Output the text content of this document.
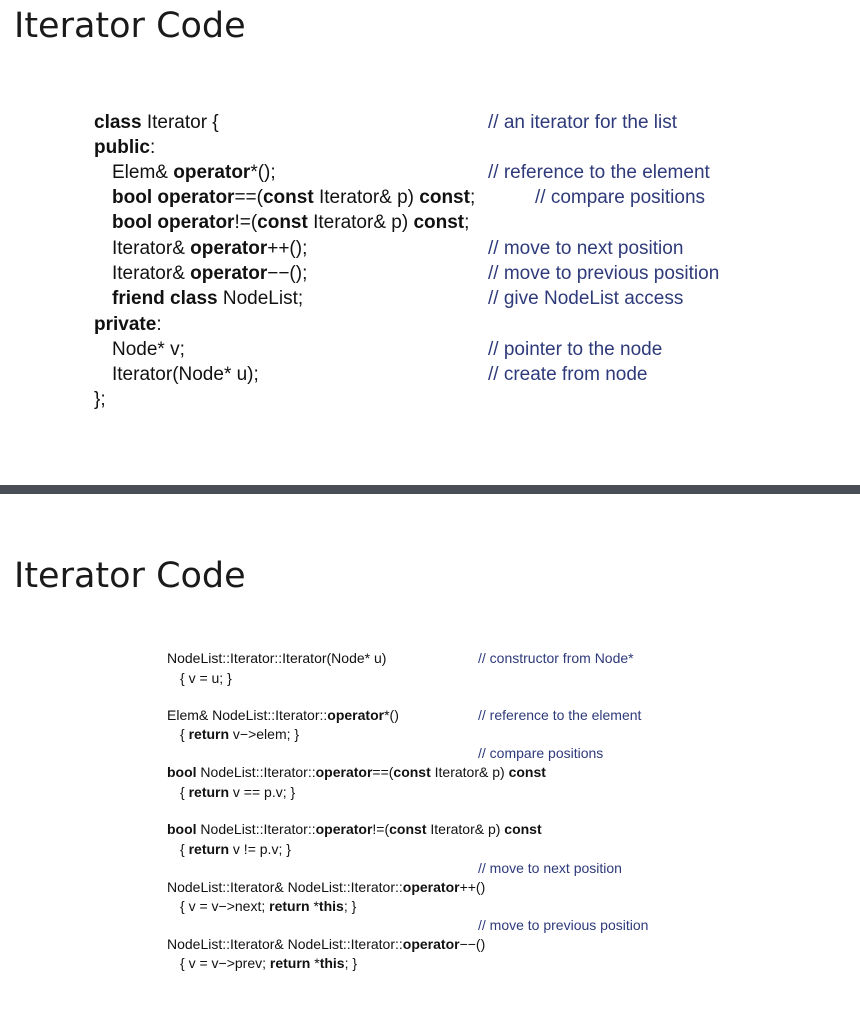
Iterator Code
class Iterator {
public:
Elem& operator*();
bool operator==(const Iterator& p) const;
bool operator!=(const Iterator& p) const;
Iterator& operator++();
Iterator& operator−−();
friend class NodeList;
private:
Node* v;
Iterator(Node* u);
};
// an iterator for the list
// reference to the element
// compare positions
// move to next position
// move to previous position
// give NodeList access
// pointer to the node
// create from node
Iterator Code
NodeList::Iterator::Iterator(Node* u)
{ v = u; }
Elem& NodeList::Iterator::operator*()
{ return v−>elem; }
bool NodeList::Iterator::operator==(const Iterator& p) const
{ return v == p.v; }
bool NodeList::Iterator::operator!=(const Iterator& p) const
{ return v != p.v; }
NodeList::Iterator& NodeList::Iterator::operator++()
{ v = v−>next; return *this; }
NodeList::Iterator& NodeList::Iterator::operator−−()
{ v = v−>prev; return *this; }
// constructor from Node*
// reference to the element
// compare positions
// move to next position
// move to previous position
